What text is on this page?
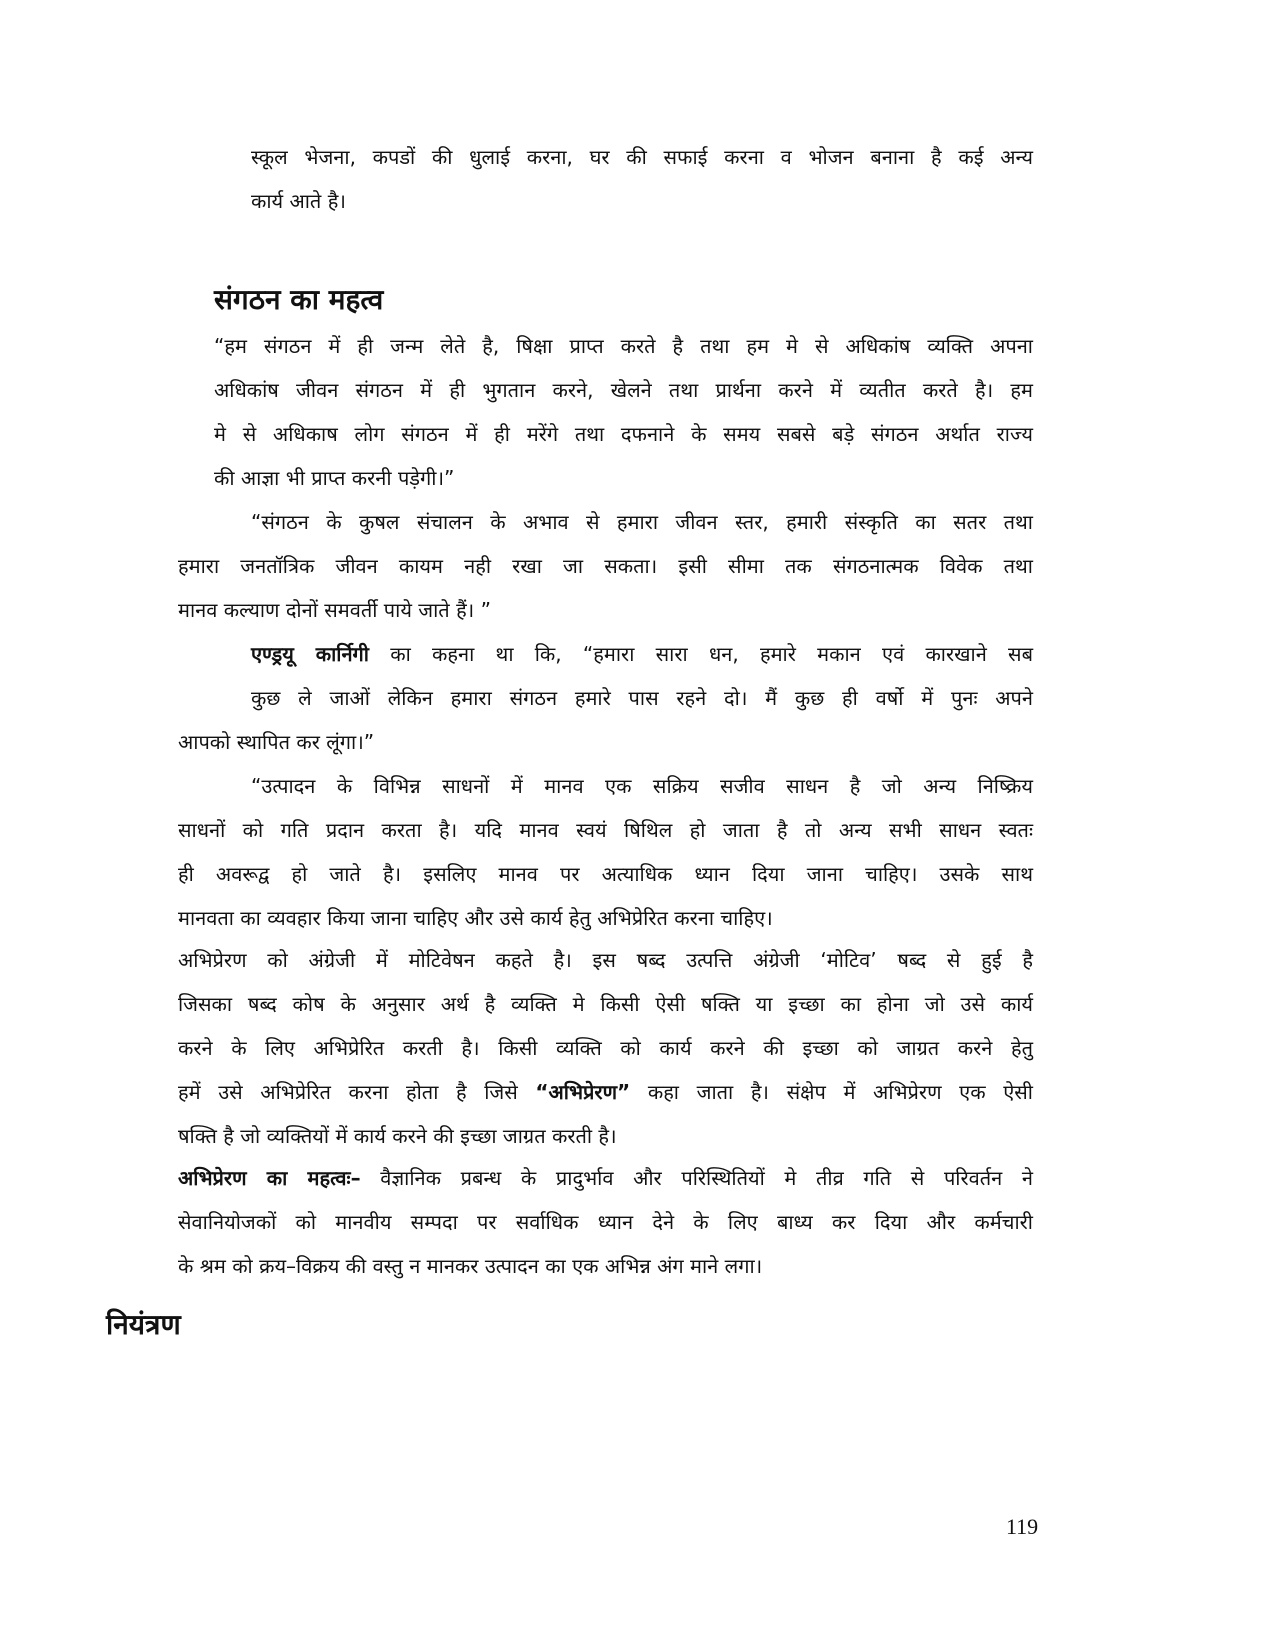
स्कूल भेजना, कपडों की धुलाई करना, घर की सफाई करना व भोजन बनाना है कई अन्य
कार्य आते है।
संगठन का महत्व
“हम संगठन में ही जन्म लेते है, षिक्षा प्राप्त करते है तथा हम मे से अधिकांष व्यक्ति अपना
अधिकांष जीवन संगठन में ही भुगतान करने, खेलने तथा प्रार्थना करने में व्यतीत करते है। हम
मे से अधिकाष लोग संगठन में ही मरेंगे तथा दफनाने के समय सबसे बड़े संगठन अर्थात राज्य
की आज्ञा भी प्राप्त करनी पड़ेगी।”
“संगठन के कुषल संचालन के अभाव से हमारा जीवन स्तर, हमारी संस्कृति का सतर तथा
हमारा जनतॉत्रिक जीवन कायम नही रखा जा सकता। इसी सीमा तक संगठनात्मक विवेक तथा
मानव कल्याण दोनों समवर्ती पाये जाते हैं। ”
एण्ड्रयू कार्निगी का कहना था कि, “हमारा सारा धन, हमारे मकान एवं कारखाने सब
कुछ ले जाओं लेकिन हमारा संगठन हमारे पास रहने दो। मैं कुछ ही वर्षो में पुनः अपने
आपको स्थापित कर लूंगा।”
“उत्पादन के विभिन्न साधनों में मानव एक सक्रिय सजीव साधन है जो अन्य निष्क्रिय
साधनों को गति प्रदान करता है। यदि मानव स्वयं षिथिल हो जाता है तो अन्य सभी साधन स्वतः
ही अवरूद्व हो जाते है। इसलिए मानव पर अत्याधिक ध्यान दिया जाना चाहिए। उसके साथ
मानवता का व्यवहार किया जाना चाहिए और उसे कार्य हेतु अभिप्रेरित करना चाहिए।
अभिप्रेरण को अंग्रेजी में मोटिवेषन कहते है। इस षब्द उत्पत्ति अंग्रेजी ‘मोटिव’ षब्द से हुई है
जिसका षब्द कोष के अनुसार अर्थ है व्यक्ति मे किसी ऐसी षक्ति या इच्छा का होना जो उसे कार्य
करने के लिए अभिप्रेरित करती है। किसी व्यक्ति को कार्य करने की इच्छा को जाग्रत करने हेतु
हमें उसे अभिप्रेरित करना होता है जिसे “अभिप्रेरण” कहा जाता है। संक्षेप में अभिप्रेरण एक ऐसी
षक्ति है जो व्यक्तियों में कार्य करने की इच्छा जाग्रत करती है।
अभिप्रेरण का महत्वः– वैज्ञानिक प्रबन्ध के प्रादुर्भाव और परिस्थितियों मे तीव्र गति से परिवर्तन ने
सेवानियोजकों को मानवीय सम्पदा पर सर्वाधिक ध्यान देने के लिए बाध्य कर दिया और कर्मचारी
के श्रम को क्रय–विक्रय की वस्तु न मानकर उत्पादन का एक अभिन्न अंग माने लगा।
नियंत्रण
119
